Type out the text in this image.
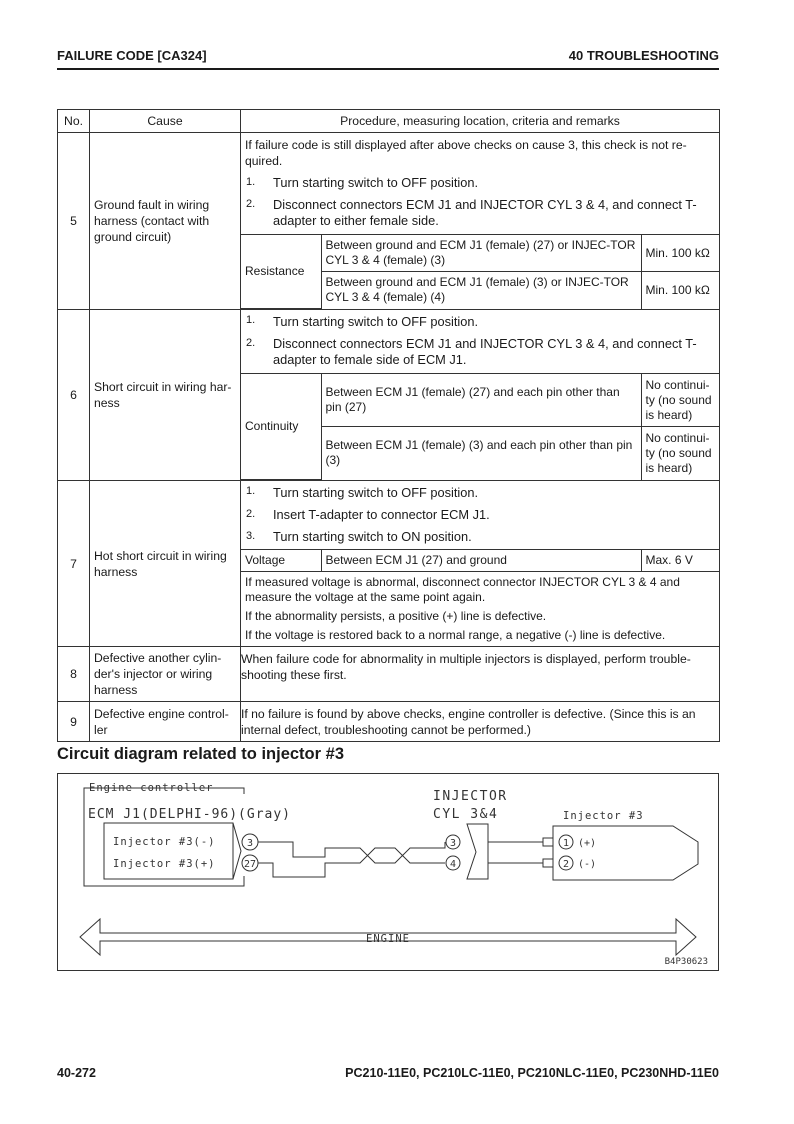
FAILURE CODE [CA324]	40 TROUBLESHOOTING
No.	Cause	Procedure, measuring location, criteria and remarks
5	Ground fault in wiring harness (contact with ground circuit)	
If failure code is still displayed after above checks on cause 3, this check is not re-quired.
1. Turn starting switch to OFF position.
2. Disconnect connectors ECM J1 and INJECTOR CYL 3 & 4, and connect T-adapter to either female side.
Resistance	Between ground and ECM J1 (female) (27) or INJEC-TOR CYL 3 & 4 (female) (3)	Min. 100 kΩ
Between ground and ECM J1 (female) (3) or INJEC-TOR CYL 3 & 4 (female) (4)	Min. 100 kΩ

6	Short circuit in wiring har-ness	
1. Turn starting switch to OFF position.
2. Disconnect connectors ECM J1 and INJECTOR CYL 3 & 4, and connect T-adapter to female side of ECM J1.
Continuity	Between ECM J1 (female) (27) and each pin other than pin (27)	No continui-ty (no sound is heard)
Between ECM J1 (female) (3) and each pin other than pin (3)	No continui-ty (no sound is heard)

7	Hot short circuit in wiring harness	
1. Turn starting switch to OFF position.
2. Insert T-adapter to connector ECM J1.
3. Turn starting switch to ON position.
Voltage	Between ECM J1 (27) and ground	Max. 6 V

If measured voltage is abnormal, disconnect connector INJECTOR CYL 3 & 4 and measure the voltage at the same point again.
If the abnormality persists, a positive (+) line is defective.
If the voltage is restored back to a normal range, a negative (-) line is defective.

8	Defective another cylin-der's injector or wiring harness	When failure code for abnormality in multiple injectors is displayed, perform trouble-shooting these first.
9	Defective engine control-ler	If no failure is found by above checks, engine controller is defective. (Since this is an internal defect, troubleshooting cannot be performed.)
Circuit diagram related to injector #3
Engine controller
ECM J1(DELPHI-96)(Gray)
Injector #3(-)
Injector #3(+)
3
27
INJECTOR
CYL 3&4
3
4
Injector #3
1 (+)
2 (-)
ENGINE
B4P30623
40-272	PC210-11E0, PC210LC-11E0, PC210NLC-11E0, PC230NHD-11E0
